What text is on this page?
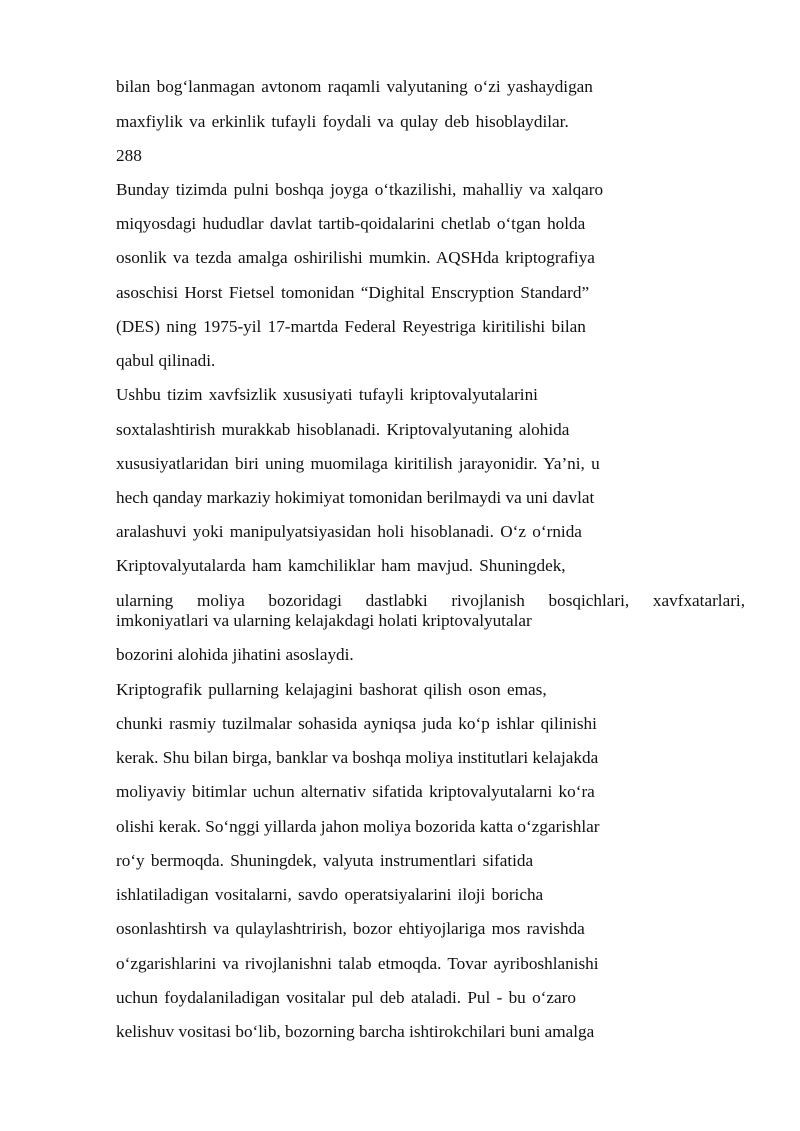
bilan bog‘lanmagan avtonom raqamli valyutaning o‘zi yashaydigan
maxfiylik va erkinlik tufayli foydali va qulay deb hisoblaydilar.
288
Bunday tizimda pulni boshqa joyga o‘tkazilishi, mahalliy va xalqaro
miqyosdagi hududlar davlat tartib-qoidalarini chetlab o‘tgan holda
osonlik va tezda amalga oshirilishi mumkin. AQSHda kriptografiya
asoschisi Horst Fietsel tomonidan “Dighital Enscryption Standard”
(DES) ning 1975-yil 17-martda Federal Reyestriga kiritilishi bilan
qabul qilinadi.
Ushbu tizim xavfsizlik xususiyati tufayli kriptovalyutalarini
soxtalashtirish murakkab hisoblanadi. Kriptovalyutaning alohida
xususiyatlaridan biri uning muomilaga kiritilish jarayonidir. Ya’ni, u
hech qanday markaziy hokimiyat tomonidan berilmaydi va uni davlat
aralashuvi yoki manipulyatsiyasidan holi hisoblanadi. O‘z o‘rnida
Kriptovalyutalarda ham kamchiliklar ham mavjud. Shuningdek,
ularning moliya bozoridagi dastlabki rivojlanish bosqichlari, xavfxatarlari,
imkoniyatlari va ularning kelajakdagi holati kriptovalyutalar
bozorini alohida jihatini asoslaydi.
Kriptografik pullarning kelajagini bashorat qilish oson emas,
chunki rasmiy tuzilmalar sohasida ayniqsa juda ko‘p ishlar qilinishi
kerak. Shu bilan birga, banklar va boshqa moliya institutlari kelajakda
moliyaviy bitimlar uchun alternativ sifatida kriptovalyutalarni ko‘ra
olishi kerak. So‘nggi yillarda jahon moliya bozorida katta o‘zgarishlar
ro‘y bermoqda. Shuningdek, valyuta instrumentlari sifatida
ishlatiladigan vositalarni, savdo operatsiyalarini iloji boricha
osonlashtirsh va qulaylashtrirish, bozor ehtiyojlariga mos ravishda
o‘zgarishlarini va rivojlanishni talab etmoqda. Tovar ayriboshlanishi
uchun foydalaniladigan vositalar pul deb ataladi. Pul - bu o‘zaro
kelishuv vositasi bo‘lib, bozorning barcha ishtirokchilari buni amalga
